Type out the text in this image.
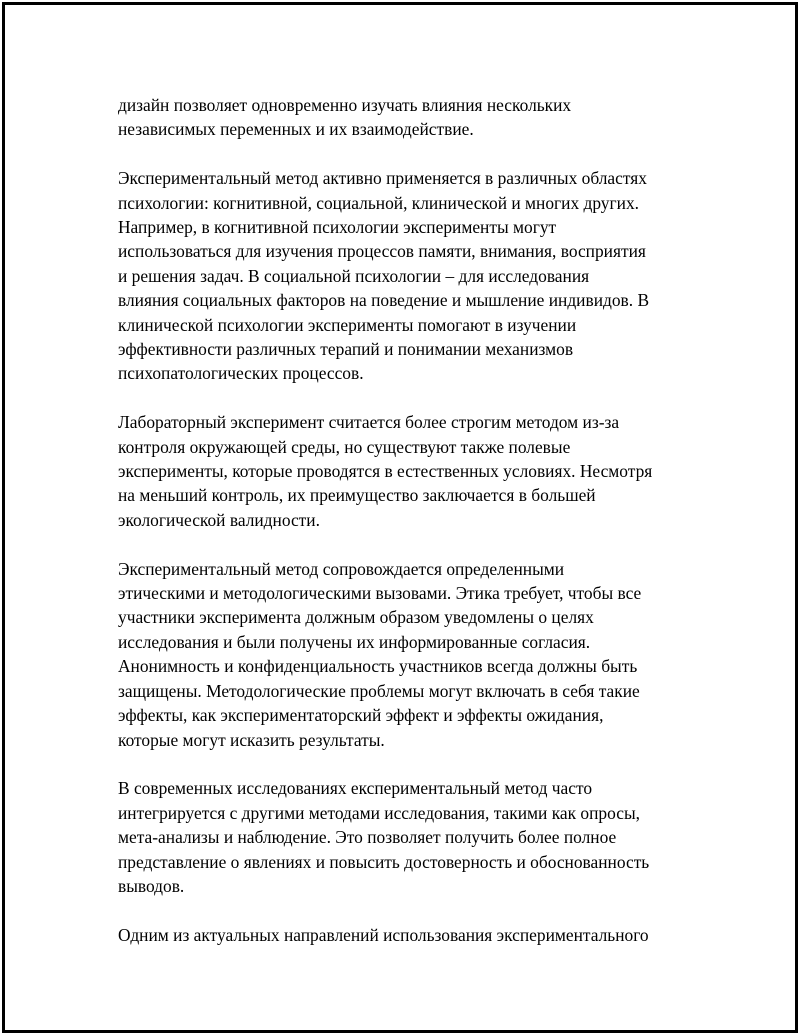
дизайн позволяет одновременно изучать влияния нескольких
независимых переменных и их взаимодействие.

Экспериментальный метод активно применяется в различных областях
психологии: когнитивной, социальной, клинической и многих других.
Например, в когнитивной психологии эксперименты могут
использоваться для изучения процессов памяти, внимания, восприятия
и решения задач. В социальной психологии – для исследования
влияния социальных факторов на поведение и мышление индивидов. В
клинической психологии эксперименты помогают в изучении
эффективности различных терапий и понимании механизмов
психопатологических процессов.

Лабораторный эксперимент считается более строгим методом из-за
контроля окружающей среды, но существуют также полевые
эксперименты, которые проводятся в естественных условиях. Несмотря
на меньший контроль, их преимущество заключается в большей
экологической валидности.

Экспериментальный метод сопровождается определенными
этическими и методологическими вызовами. Этика требует, чтобы все
участники эксперимента должным образом уведомлены о целях
исследования и были получены их информированные согласия.
Анонимность и конфиденциальность участников всегда должны быть
защищены. Методологические проблемы могут включать в себя такие
эффекты, как экспериментаторский эффект и эффекты ожидания,
которые могут исказить результаты.

В современных исследованиях експериментальный метод часто
интегрируется с другими методами исследования, такими как опросы,
мета-анализы и наблюдение. Это позволяет получить более полное
представление о явлениях и повысить достоверность и обоснованность
выводов.

Одним из актуальных направлений использования экспериментального
